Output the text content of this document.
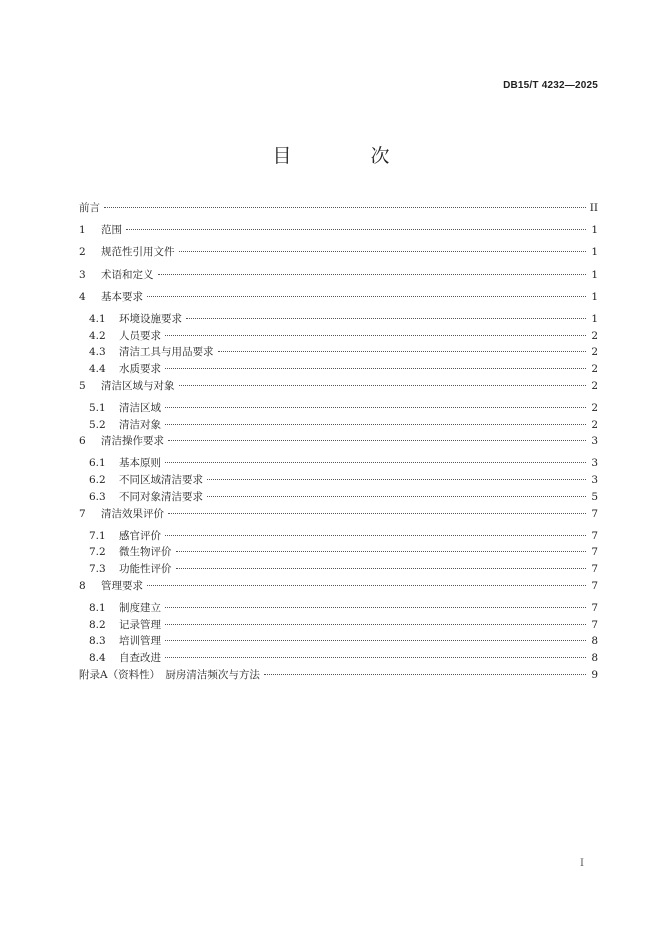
DB15/T 4232—2025
目　次
前言	II
1	范围	1
2	规范性引用文件	1
3	术语和定义	1
4	基本要求	1
4.1	环境设施要求	1
4.2	人员要求	2
4.3	清洁工具与用品要求	2
4.4	水质要求	2
5	清洁区域与对象	2
5.1	清洁区域	2
5.2	清洁对象	2
6	清洁操作要求	3
6.1	基本原则	3
6.2	不同区域清洁要求	3
6.3	不同对象清洁要求	5
7	清洁效果评价	7
7.1	感官评价	7
7.2	微生物评价	7
7.3	功能性评价	7
8	管理要求	7
8.1	制度建立	7
8.2	记录管理	7
8.3	培训管理	8
8.4	自查改进	8
附录A（资料性）　厨房清洁频次与方法	9
I
